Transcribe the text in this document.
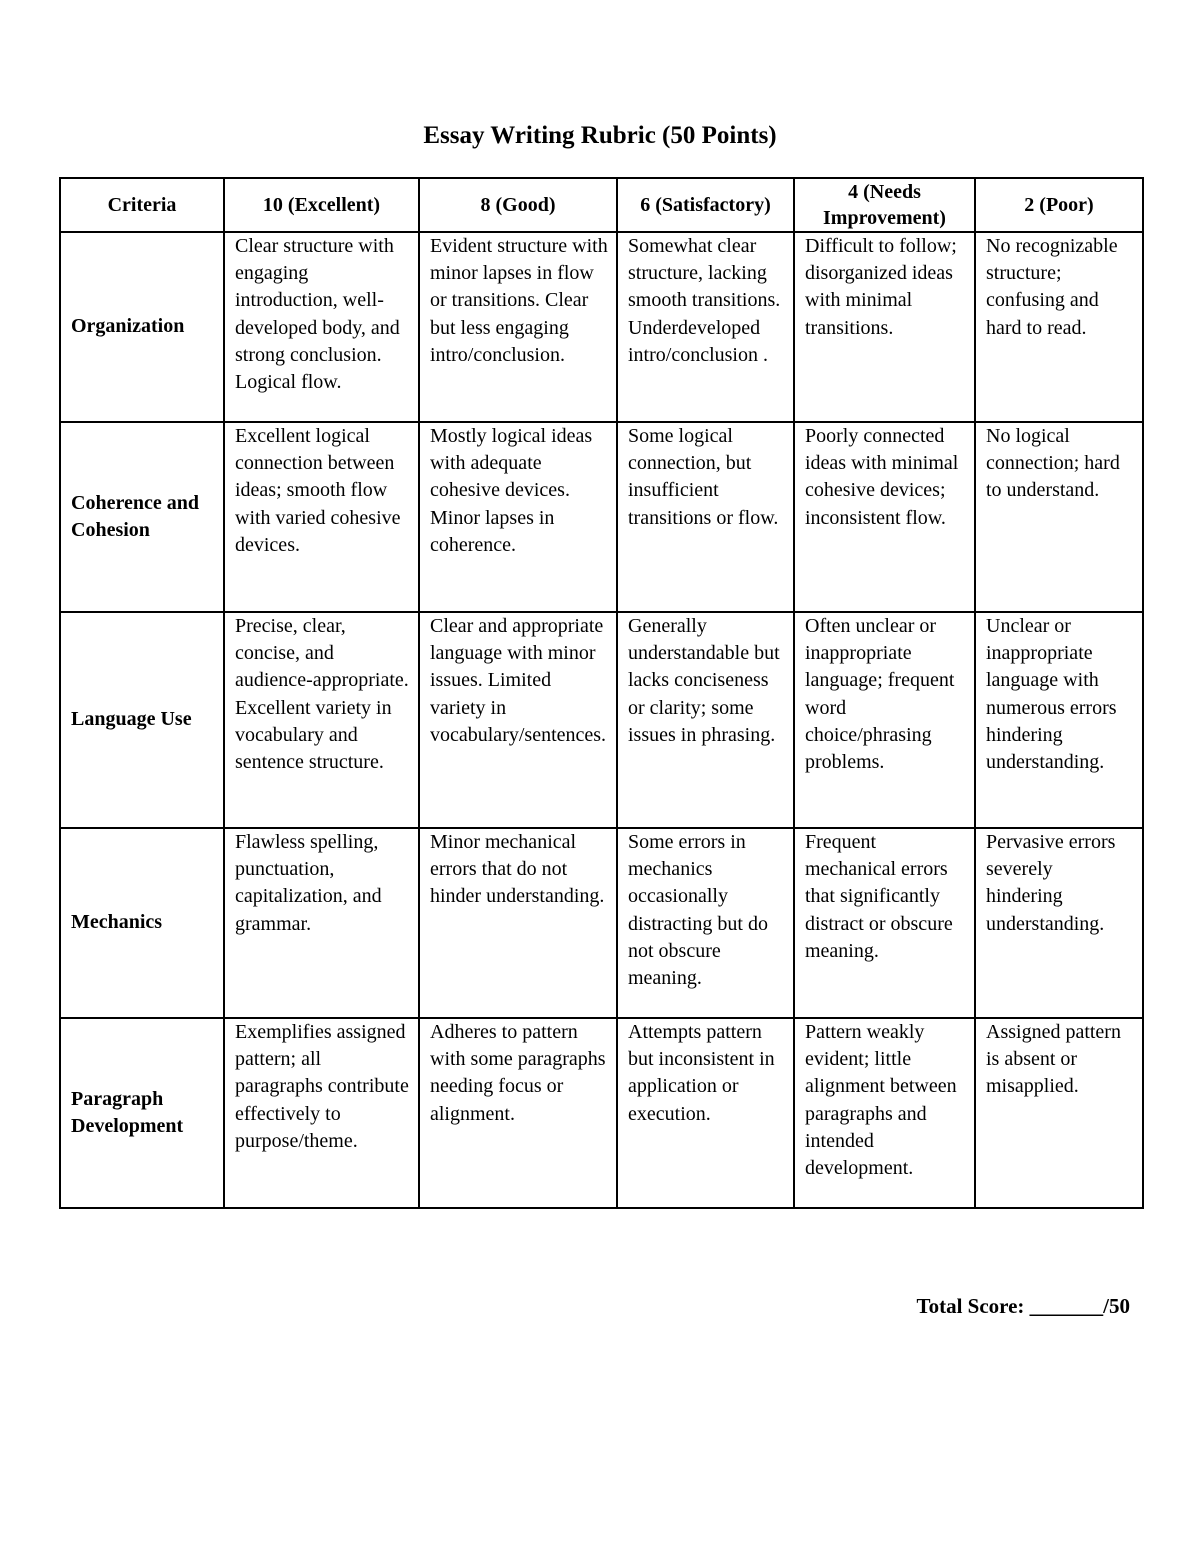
Essay Writing Rubric (50 Points)
Criteria	10 (Excellent)	8 (Good)	6 (Satisfactory)	4 (Needs Improvement)	2 (Poor)
Organization	Clear structure with engaging introduction, well-developed body, and strong conclusion. Logical flow.	Evident structure with minor lapses in flow or transitions. Clear but less engaging intro/conclusion.	Somewhat clear structure, lacking smooth transitions. Underdeveloped intro/conclusion .	Difficult to follow; disorganized ideas with minimal transitions.	No recognizable structure; confusing and hard to read.
Coherence and Cohesion	Excellent logical connection between ideas; smooth flow with varied cohesive devices.	Mostly logical ideas with adequate cohesive devices. Minor lapses in coherence.	Some logical connection, but insufficient transitions or flow.	Poorly connected ideas with minimal cohesive devices; inconsistent flow.	No logical connection; hard to understand.
Language Use	Precise, clear, concise, and audience-appropriate. Excellent variety in vocabulary and sentence structure.	Clear and appropriate language with minor issues. Limited variety in vocabulary/sentences.	Generally understandable but lacks conciseness or clarity; some issues in phrasing.	Often unclear or inappropriate language; frequent word choice/phrasing problems.	Unclear or inappropriate language with numerous errors hindering understanding.
Mechanics	Flawless spelling, punctuation, capitalization, and grammar.	Minor mechanical errors that do not hinder understanding.	Some errors in mechanics occasionally distracting but do not obscure meaning.	Frequent mechanical errors that significantly distract or obscure meaning.	Pervasive errors severely hindering understanding.
Paragraph Development	Exemplifies assigned pattern; all paragraphs contribute effectively to purpose/theme.	Adheres to pattern with some paragraphs needing focus or alignment.	Attempts pattern but inconsistent in application or execution.	Pattern weakly evident; little alignment between paragraphs and intended development.	Assigned pattern is absent or misapplied.

Total Score: _______/50
